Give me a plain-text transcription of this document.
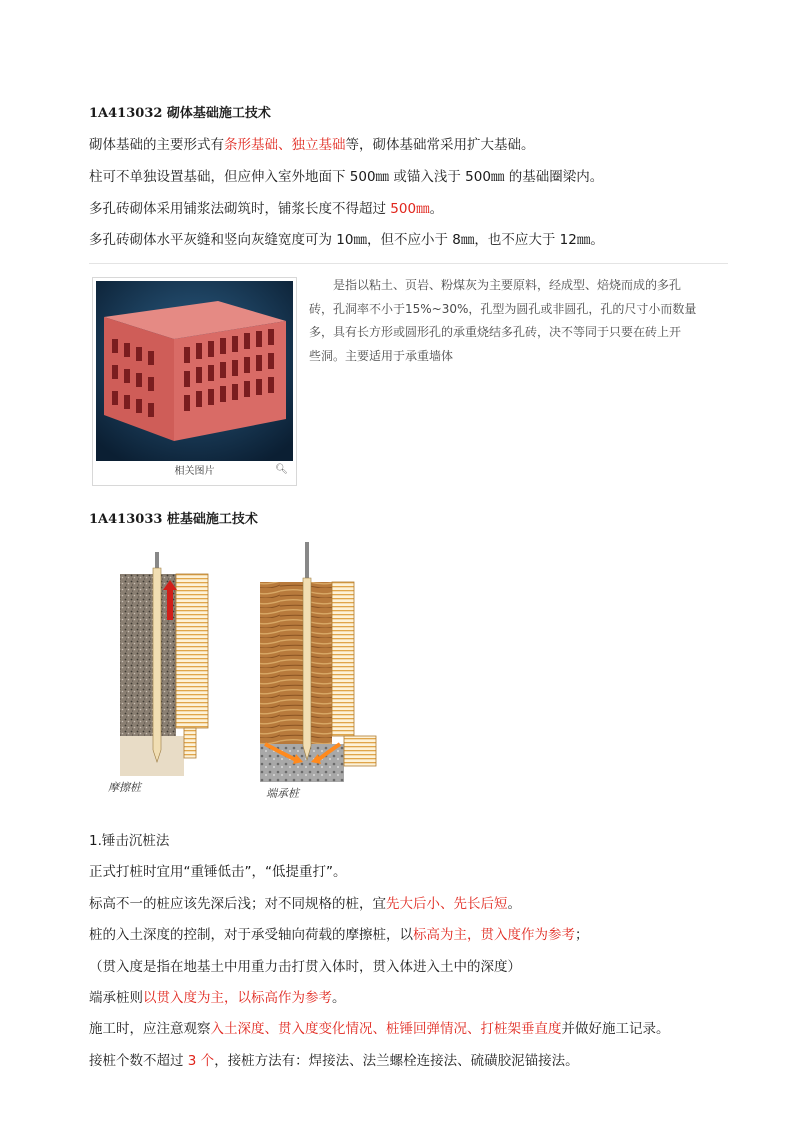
1A413032 砌体基础施工技术
砌体基础的主要形式有条形基础、独立基础等，砌体基础常采用扩大基础。
柱可不单独设置基础，但应伸入室外地面下 500㎜ 或锚入浅于 500㎜ 的基础圈梁内。
多孔砖砌体采用铺浆法砌筑时，铺浆长度不得超过 500㎜。
多孔砖砌体水平灰缝和竖向灰缝宽度可为 10㎜，但不应小于 8㎜，也不应大于 12㎜。
相关图片	🔍︎
　　是指以粘土、页岩、粉煤灰为主要原料，经成型、焙烧而成的多孔
砖，孔洞率不小于15%~30%，孔型为圆孔或非圆孔，孔的尺寸小而数量
多，具有长方形或圆形孔的承重烧结多孔砖，决不等同于只要在砖上开
些洞。主要适用于承重墙体
1A413033 桩基础施工技术
摩擦桩	端承桩
1.锤击沉桩法
正式打桩时宜用“重锤低击”，“低提重打”。
标高不一的桩应该先深后浅；对不同规格的桩，宜先大后小、先长后短。
桩的入土深度的控制，对于承受轴向荷载的摩擦桩，以标高为主，贯入度作为参考；
（贯入度是指在地基土中用重力击打贯入体时，贯入体进入土中的深度）
端承桩则以贯入度为主，以标高作为参考。
施工时，应注意观察入土深度、贯入度变化情况、桩锤回弹情况、打桩架垂直度并做好施工记录。
接桩个数不超过 3 个，接桩方法有：焊接法、法兰螺栓连接法、硫磺胶泥锚接法。
